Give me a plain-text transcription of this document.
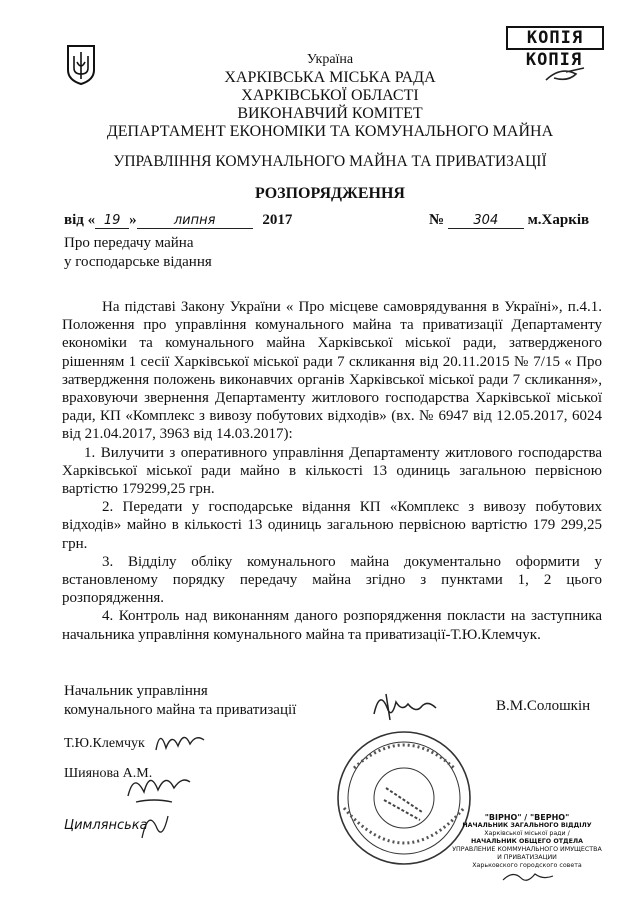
КОПІЯ
КОПІЯ
Україна
ХАРКІВСЬКА МІСЬКА РАДА
ХАРКІВСЬКОЇ ОБЛАСТІ
ВИКОНАВЧИЙ КОМІТЕТ
ДЕПАРТАМЕНТ ЕКОНОМІКИ ТА КОМУНАЛЬНОГО МАЙНА
УПРАВЛІННЯ КОМУНАЛЬНОГО МАЙНА ТА ПРИВАТИЗАЦІЇ
РОЗПОРЯДЖЕННЯ
від « 19 »	липня	2017	№ 304 м.Харків
Про передачу майна
у господарське відання

На підставі Закону України « Про місцеве самоврядування в Україні», п.4.1. Положення про управління комунального майна та приватизації Департаменту економіки та комунального майна Харківської міської ради, затвердженого рішенням 1 сесії Харківської міської ради 7 скликання від 20.11.2015 № 7/15 « Про затвердження положень виконавчих органів Харківської міської ради 7 скликання», враховуючи звернення Департаменту житлового господарства Харківської міської ради, КП «Комплекс з вивозу побутових відходів» (вх. № 6947 від 12.05.2017, 6024 від 21.04.2017, 3963 від 14.03.2017):

1. Вилучити з оперативного управління Департаменту житлового господарства Харківської міської ради майно в кількості 13 одиниць загальною первісною вартістю 179299,25 грн.

2. Передати у господарське відання КП «Комплекс з вивозу побутових відходів» майно в кількості 13 одиниць загальною первісною вартістю 179 299,25 грн.

3. Відділу обліку комунального майна документально оформити у встановленому порядку передачу майна згідно з пунктами 1, 2 цього розпорядження.

4. Контроль над виконанням даного розпорядження покласти на заступника начальника управління комунального майна та приватизації-Т.Ю.Клемчук.

Начальник управління
комунального майна та приватизації	В.М.Солошкін
Т.Ю.Клемчук
Шиянова А.М.
Цимлянська
"ВІРНО" / "ВЕРНО"
НАЧАЛЬНИК ЗАГАЛЬНОГО ВІДДІЛУ
Харківської міської ради /
НАЧАЛЬНИК ОБЩЕГО ОТДЕЛА
УПРАВЛЕНИЕ КОММУНАЛЬНОГО ИМУЩЕСТВА И ПРИВАТИЗАЦИИ
Харьковского городского совета
